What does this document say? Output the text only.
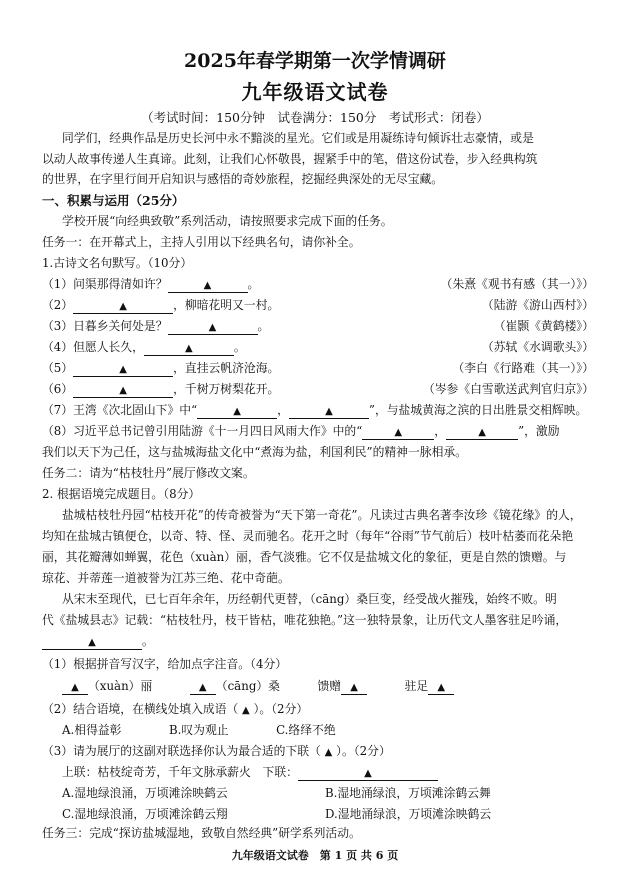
2025年春学期第一次学情调研
九年级语文试卷
（考试时间：150分钟　试卷满分：150分　考试形式：闭卷）
同学们，经典作品是历史长河中永不黯淡的星光。它们或是用凝练诗句倾诉壮志豪情，或是
以动人故事传递人生真谛。此刻，让我们心怀敬畏，握紧手中的笔，借这份试卷，步入经典构筑
的世界，在字里行间开启知识与感悟的奇妙旅程，挖掘经典深处的无尽宝藏。
一、积累与运用（25分）
学校开展“向经典致敬”系列活动，请按照要求完成下面的任务。
任务一：在开幕式上，主持人引用以下经典名句，请你补全。
1.古诗文名句默写。（10分）
（1）问渠那得清如许？	▲	。	（朱熹《观书有感（其一）》）
（2）	▲	，柳暗花明又一村。	（陆游《游山西村》）
（3）日暮乡关何处是？	▲	。	（崔颢《黄鹤楼》）
（4）但愿人长久，	▲	。	（苏轼《水调歌头》）
（5）	▲	，直挂云帆济沧海。	（李白《行路难（其一）》）
（6）	▲	，千树万树梨花开。	（岑参《白雪歌送武判官归京》）
（7）王湾《次北固山下》中“	▲	，	▲	”，与盐城黄海之滨的日出胜景交相辉映。
（8）习近平总书记曾引用陆游《十一月四日风雨大作》中的“	▲	，	▲	”，激励
我们以天下为己任，这与盐城海盐文化中“煮海为盐，利国利民”的精神一脉相承。
任务二：请为“枯枝牡丹”展厅修改文案。
2. 根据语境完成题目。（8分）
盐城枯枝牡丹园“枯枝开花”的传奇被誉为“天下第一奇花”。凡读过古典名著李汝珍《镜花缘》的人，
均知在盐城古镇便仓，以奇、特、怪、灵而驰名。花开之时（每年“谷雨”节气前后）枝叶枯萎而花朵艳
丽，其花瓣薄如蝉翼，花色（xuàn）丽，香气淡雅。它不仅是盐城文化的象征，更是自然的馈赠。与
琼花、并蒂莲一道被誉为江苏三绝、花中奇葩。
从宋末至现代，已七百年余年，历经朝代更替，（cāng）桑巨变，经受战火摧残，始终不败。明
代《盐城县志》记载：“枯枝牡丹，枝干皆枯，唯花独艳。”这一独特景象，让历代文人墨客驻足吟诵，
▲	。
（1）根据拼音写汉字，给加点字注音。（4分）
▲ （xuàn）丽	▲ （cāng）桑	馈赠 ▲	驻足 ▲
（2）结合语境，在横线处填入成语（ ▲ ）。（2分）
A.相得益彰	B.叹为观止	C.络绎不绝
（3）请为展厅的这副对联选择你认为最合适的下联（ ▲ ）。（2分）
上联：枯枝绽奇芳，千年文脉承薪火　下联：	▲
A.湿地绿浪涌，万顷滩涂映鹤云	B.湿地涌绿浪，万顷滩涂鹤云舞
C.湿地绿浪涌，万顷滩涂鹤云翔	D.湿地涌绿浪，万顷滩涂映鹤云
任务三：完成“探访盐城湿地，致敬自然经典”研学系列活动。
九年级语文试卷　第 1 页 共 6 页
